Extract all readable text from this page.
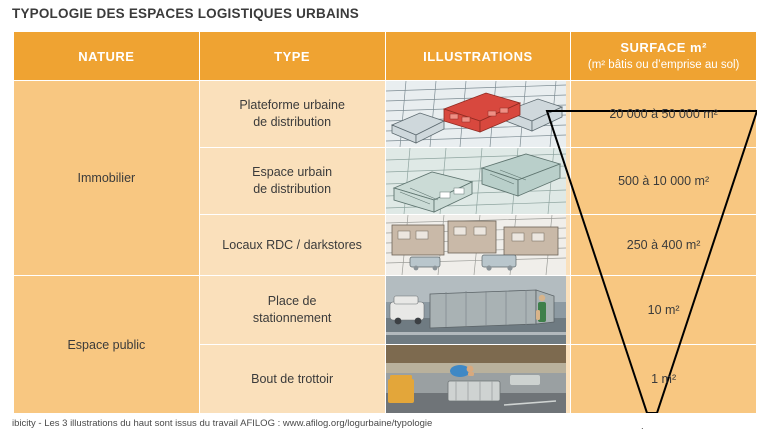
TYPOLOGIE DES ESPACES LOGISTIQUES URBAINS
NATURE	TYPE	ILLUSTRATIONS	SURFACE m²
(m² bâtis ou d’emprise au sol)

Immobilier	Plateforme urbaine
de distribution		20 000 à 50 000 m²

	Espace urbain
de distribution		500 à 10 000 m²

	Locaux RDC / darkstores		250 à 400 m²
Espace public	Place de
stationnement		10 m²

	Bout de trottoir		1 m²
ibicity - Les 3 illustrations du haut sont issus du travail AFILOG : www.afilog.org/logurbaine/typologie	.
